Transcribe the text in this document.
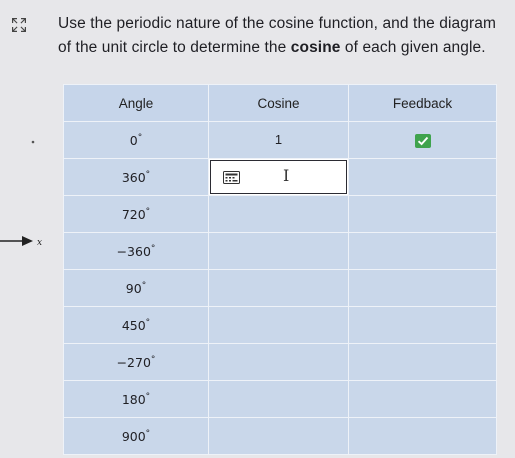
Use the periodic nature of the cosine function, and the diagram of the unit circle to determine the cosine of each given angle.
x
Angle	Cosine	Feedback
0°	1

360°	I	

720°		
−360°		
90°		
450°		
−270°		
180°		
900°		
